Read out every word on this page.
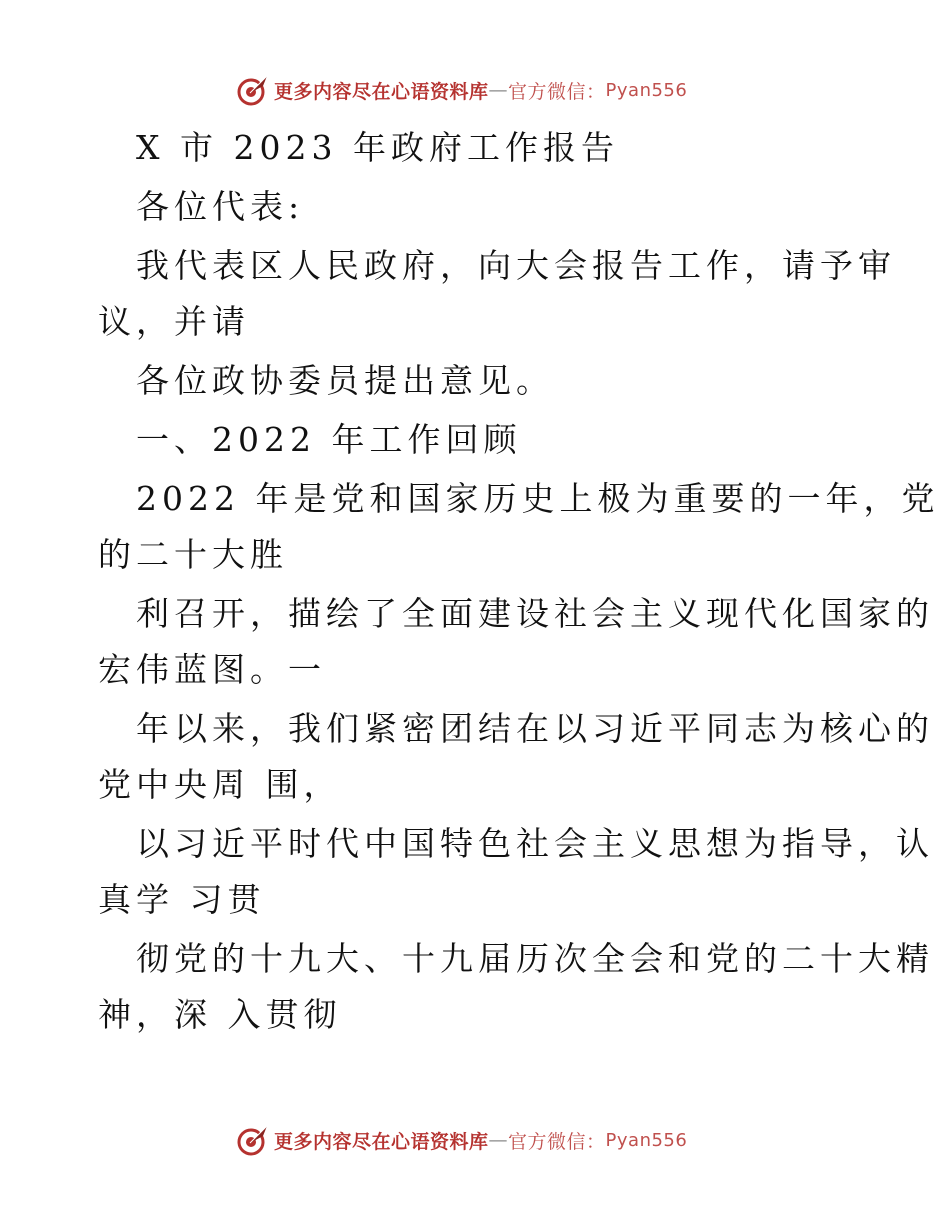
更多内容尽在心语资料库 — 官方微信： Pyan556
X 市 2023 年政府工作报告
各位代表:
我代表区人民政府，向大会报告工作，请予审
议，并请
各位政协委员提出意见。
一、2022 年工作回顾
2022 年是党和国家历史上极为重要的一年，党
的二十大胜
利召开，描绘了全面建设社会主义现代化国家的
宏伟蓝图。一
年以来，我们紧密团结在以习近平同志为核心的
党中央周 围，
以习近平时代中国特色社会主义思想为指导，认
真学 习贯
彻党的十九大、十九届历次全会和党的二十大精
神，深 入贯彻
更多内容尽在心语资料库 — 官方微信： Pyan556
